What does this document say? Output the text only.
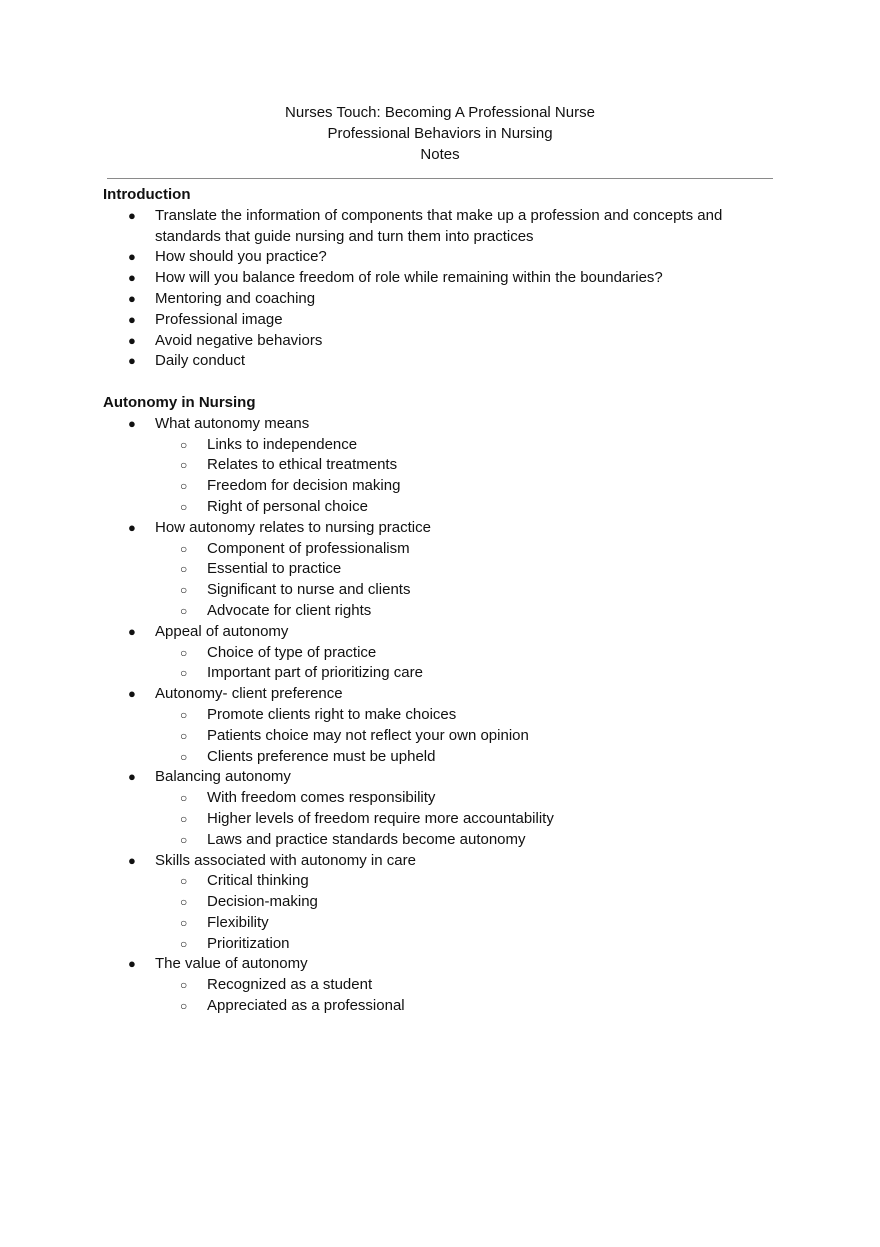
Nurses Touch: Becoming A Professional Nurse
Professional Behaviors in Nursing
Notes
Introduction
● Translate the information of components that make up a profession and concepts and standards that guide nursing and turn them into practices
● How should you practice?
● How will you balance freedom of role while remaining within the boundaries?
● Mentoring and coaching
● Professional image
● Avoid negative behaviors
● Daily conduct
Autonomy in Nursing
● What autonomy means
○ Links to independence
○ Relates to ethical treatments
○ Freedom for decision making
○ Right of personal choice
● How autonomy relates to nursing practice
○ Component of professionalism
○ Essential to practice
○ Significant to nurse and clients
○ Advocate for client rights
● Appeal of autonomy
○ Choice of type of practice
○ Important part of prioritizing care
● Autonomy- client preference
○ Promote clients right to make choices
○ Patients choice may not reflect your own opinion
○ Clients preference must be upheld
● Balancing autonomy
○ With freedom comes responsibility
○ Higher levels of freedom require more accountability
○ Laws and practice standards become autonomy
● Skills associated with autonomy in care
○ Critical thinking
○ Decision-making
○ Flexibility
○ Prioritization
● The value of autonomy
○ Recognized as a student
○ Appreciated as a professional
